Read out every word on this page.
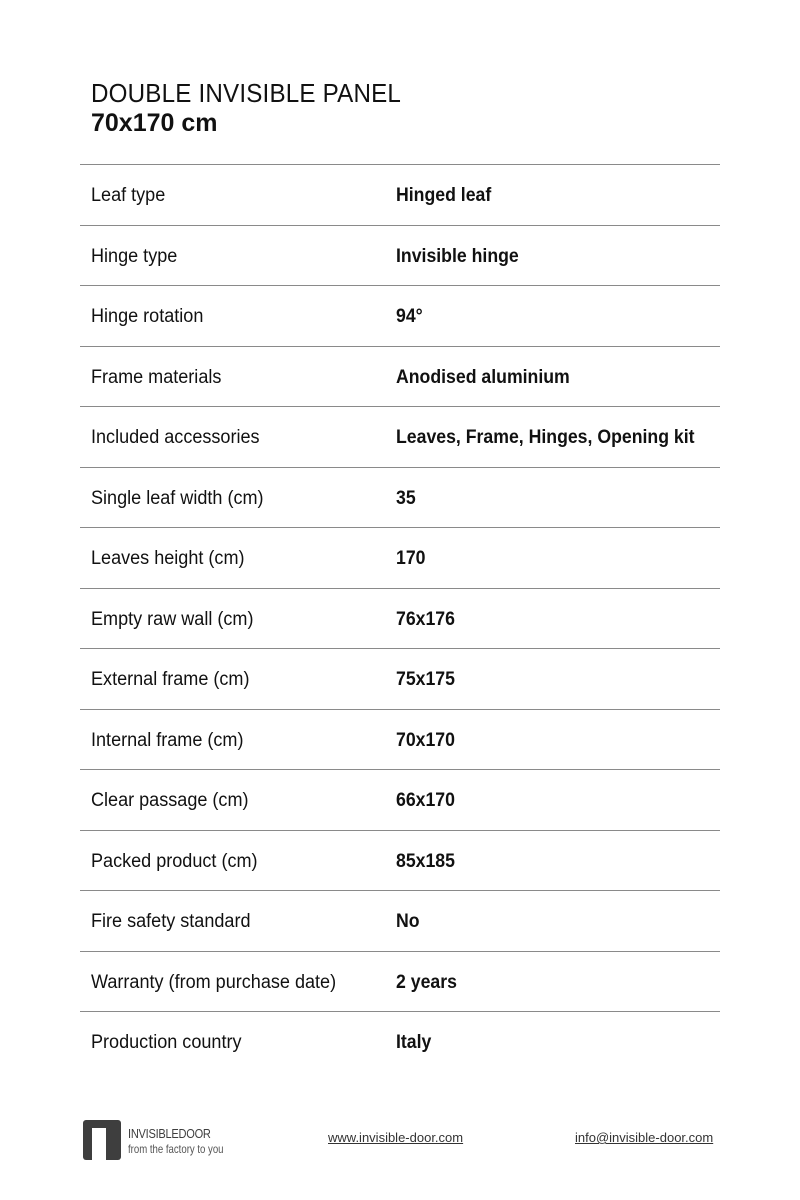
DOUBLE INVISIBLE PANEL
70x170 cm
Leaf type	Hinged leaf
Hinge type	Invisible hinge
Hinge rotation	94°
Frame materials	Anodised aluminium
Included accessories	Leaves, Frame, Hinges, Opening kit
Single leaf width (cm)	35
Leaves height (cm)	170
Empty raw wall (cm)	76x176
External frame (cm)	75x175
Internal frame (cm)	70x170
Clear passage (cm)	66x170
Packed product (cm)	85x185
Fire safety standard	No
Warranty (from purchase date)	2 years
Production country	Italy
INVISIBLEDOOR
from the factory to you
www.invisible-door.com	info@invisible-door.com
